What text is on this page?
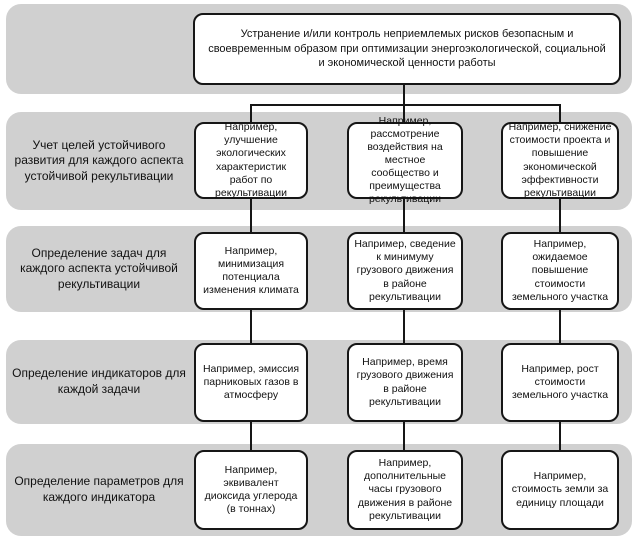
Устранение и/или контроль неприемлемых рисков безопасным и своевременным образом при оптимизации энергоэкологической, социальной и экономической ценности работы
Учет целей устойчивого развития для каждого аспекта устойчивой рекультивации
Например, улучшение экологических характеристик работ по рекультивации
Например, рассмотрение воздействия на местное сообщество и преимущества рекультивации
Например, снижение стоимости проекта и повышение экономической эффективности рекультивации
Определение задач для каждого аспекта устойчивой рекультивации
Например, минимизация потенциала изменения климата
Например, сведение к минимуму грузового движения в районе рекультивации
Например, ожидаемое повышение стоимости земельного участка
Определение индикаторов для каждой задачи
Например, эмиссия парниковых газов в атмосферу
Например, время грузового движения в районе рекультивации
Например, рост стоимости земельного участка
Определение параметров для каждого индикатора
Например, эквивалент диоксида углерода (в тоннах)
Например, дополнительные часы грузового движения в районе рекультивации
Например, стоимость земли за единицу площади
